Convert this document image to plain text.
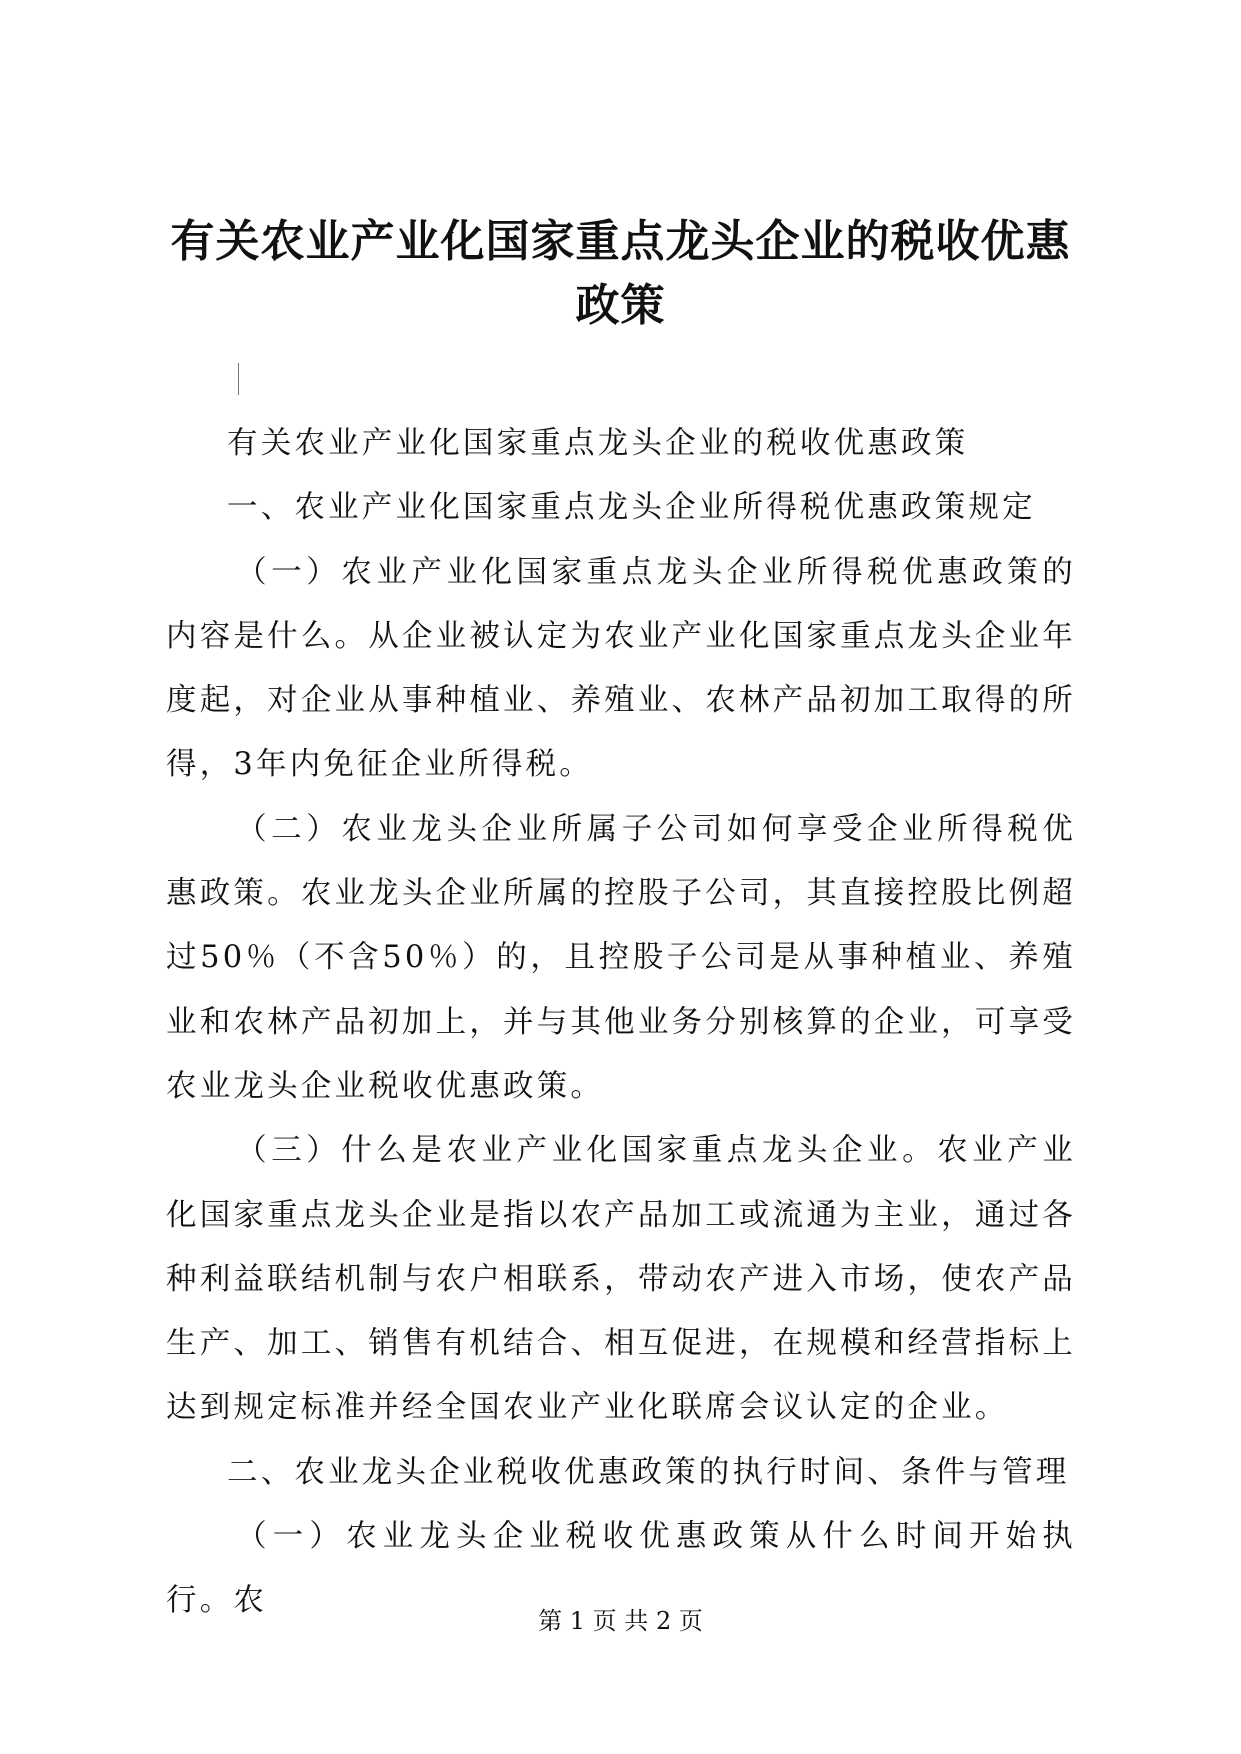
有关农业产业化国家重点龙头企业的税收优惠
政策

有关农业产业化国家重点龙头企业的税收优惠政策

一、农业产业化国家重点龙头企业所得税优惠政策规定

（一）农业产业化国家重点龙头企业所得税优惠政策的内容是什么。从企业被认定为农业产业化国家重点龙头企业年度起，对企业从事种植业、养殖业、农林产品初加工取得的所得，3年内免征企业所得税。

（二）农业龙头企业所属子公司如何享受企业所得税优惠政策。农业龙头企业所属的控股子公司，其直接控股比例超过50％（不含50％）的，且控股子公司是从事种植业、养殖业和农林产品初加上，并与其他业务分别核算的企业，可享受农业龙头企业税收优惠政策。

（三）什么是农业产业化国家重点龙头企业。农业产业化国家重点龙头企业是指以农产品加工或流通为主业，通过各种利益联结机制与农户相联系，带动农产进入市场，使农产品生产、加工、销售有机结合、相互促进，在规模和经营指标上达到规定标准并经全国农业产业化联席会议认定的企业。

二、农业龙头企业税收优惠政策的执行时间、条件与管理

（一）农业龙头企业税收优惠政策从什么时间开始执行。农

第 1 页 共 2 页
